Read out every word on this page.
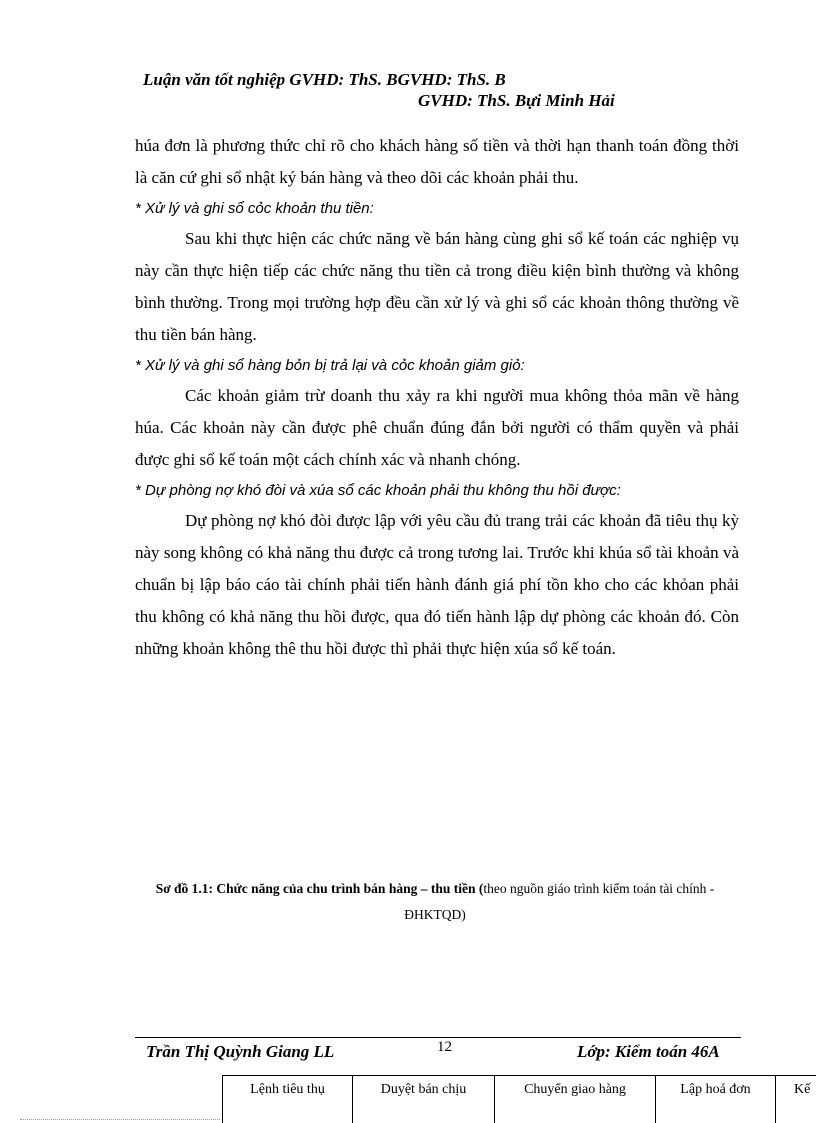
Luận văn tốt nghiệp GVHD: ThS. BGVHD: ThS. B
GVHD: ThS. Bựi Minh Hải

húa đơn là phương thức chỉ rõ cho khách hàng số tiền và thời hạn thanh toán đồng thời là căn cứ ghi sổ nhật ký bán hàng và theo dõi các khoản phải thu.

* Xử lý và ghi sổ cỏc khoản thu tiền:

Sau khi thực hiện các chức năng về bán hàng cùng ghi sổ kế toán các nghiệp vụ này cần thực hiện tiếp các chức năng thu tiền cả trong điều kiện bình thường và không bình thường. Trong mọi trường hợp đều cần xử lý và ghi sổ các khoản thông thường về thu tiền bán hàng.

* Xử lý và ghi sổ hàng bỏn bị trả lại và cỏc khoản giảm giỏ:

Các khoản giảm trừ doanh thu xảy ra khi người mua không thỏa mãn về hàng húa. Các khoản này cần được phê chuẩn đúng đắn bởi người có thẩm quyền và phải được ghi sổ kế toán một cách chính xác và nhanh chóng.

* Dự phòng nợ khó đòi và xúa sổ các khoản phải thu không thu hồi được:

Dự phòng nợ khó đòi được lập với yêu cầu đủ trang trải các khoản đã tiêu thụ kỳ này song không có khả năng thu được cả trong tương lai. Trước khi khúa sổ tài khoản và chuẩn bị lập báo cáo tài chính phải tiến hành đánh giá phí tồn kho cho các khỏan phải thu không có khả năng thu hồi được, qua đó tiến hành lập dự phòng các khoản đó. Còn những khoản không thê thu hồi được thì phải thực hiện xúa sổ kế toán.

Sơ đồ 1.1: Chức năng của chu trình bán hàng – thu tiền (theo nguồn giáo trình kiểm toán tài chính - ĐHKTQD)
Trần Thị Quỳnh Giang LL	12	Lớp: Kiểm toán 46A
Lệnh tiêu thụ	Duyệt bán chịu	Chuyển giao hàng	Lập hoá đơn	Kế
